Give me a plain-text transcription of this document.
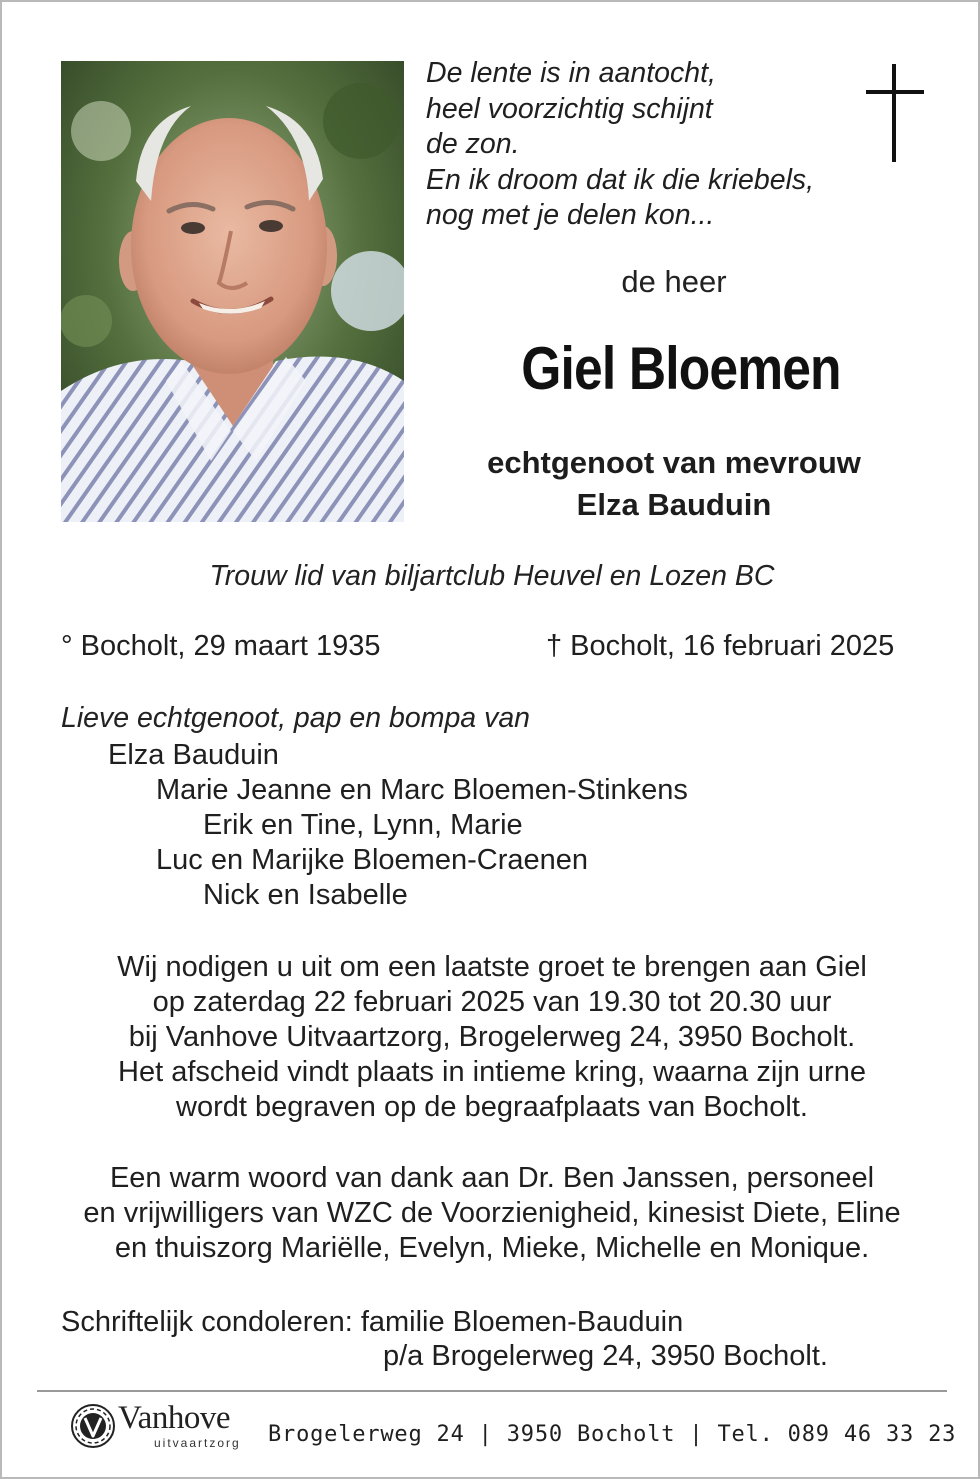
De lente is in aantocht,
heel voorzichtig schijnt
de zon.
En ik droom dat ik die kriebels,
nog met je delen kon...
de heer
Giel Bloemen
echtgenoot van mevrouw
Elza Bauduin
Trouw lid van biljartclub Heuvel en Lozen BC
° Bocholt, 29 maart 1935	† Bocholt, 16 februari 2025
Lieve echtgenoot, pap en bompa van
Elza Bauduin
Marie Jeanne en Marc Bloemen-Stinkens
Erik en Tine, Lynn, Marie
Luc en Marijke Bloemen-Craenen
Nick en Isabelle
Wij nodigen u uit om een laatste groet te brengen aan Giel
op zaterdag 22 februari 2025 van 19.30 tot 20.30 uur
bij Vanhove Uitvaartzorg, Brogelerweg 24, 3950 Bocholt.
Het afscheid vindt plaats in intieme kring, waarna zijn urne
wordt begraven op de begraafplaats van Bocholt.
Een warm woord van dank aan Dr. Ben Janssen, personeel
en vrijwilligers van WZC de Voorzienigheid, kinesist Diete, Eline
en thuiszorg Mariëlle, Evelyn, Mieke, Michelle en Monique.
Schriftelijk condoleren: familie Bloemen-Bauduin
p/a Brogelerweg 24, 3950 Bocholt.
Vanhove
uitvaartzorg Brogelerweg 24 | 3950 Bocholt | Tel. 089 46 33 23
